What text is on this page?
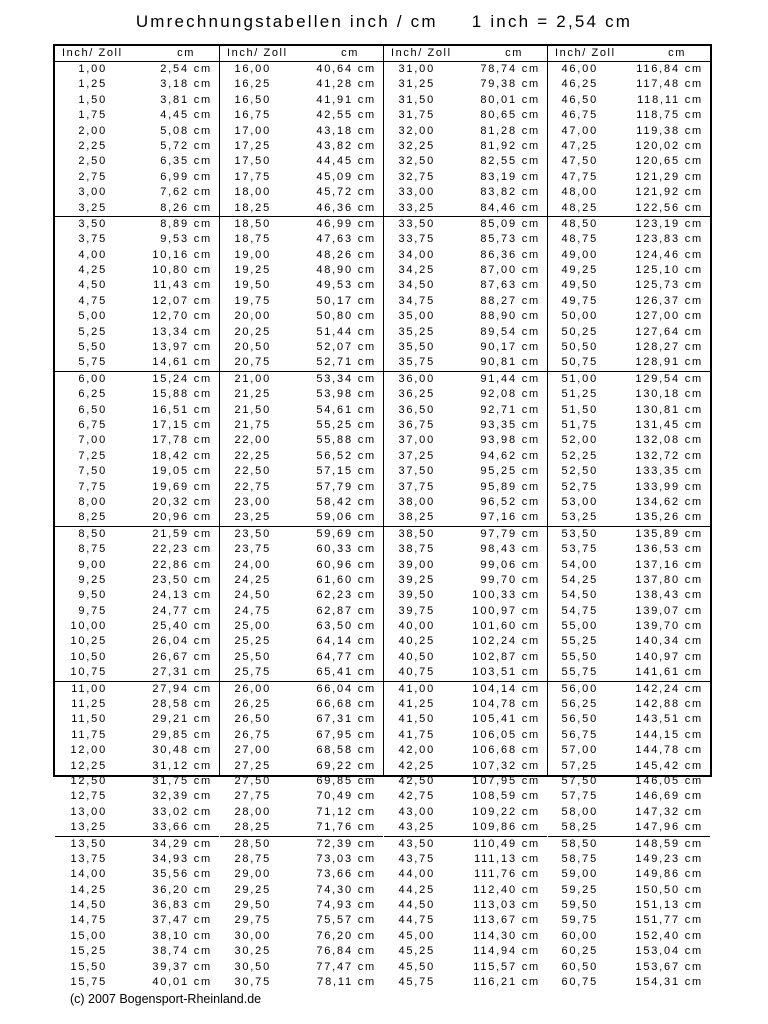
Umrechnungstabellen inch / cm 1 inch = 2,54 cm
Inch/ Zoll	cm
1,00	2,54 cm
1,25	3,18 cm
1,50	3,81 cm
1,75	4,45 cm
2,00	5,08 cm
2,25	5,72 cm
2,50	6,35 cm
2,75	6,99 cm
3,00	7,62 cm
3,25	8,26 cm
3,50	8,89 cm
3,75	9,53 cm
4,00	10,16 cm
4,25	10,80 cm
4,50	11,43 cm
4,75	12,07 cm
5,00	12,70 cm
5,25	13,34 cm
5,50	13,97 cm
5,75	14,61 cm
6,00	15,24 cm
6,25	15,88 cm
6,50	16,51 cm
6,75	17,15 cm
7,00	17,78 cm
7,25	18,42 cm
7,50	19,05 cm
7,75	19,69 cm
8,00	20,32 cm
8,25	20,96 cm
8,50	21,59 cm
8,75	22,23 cm
9,00	22,86 cm
9,25	23,50 cm
9,50	24,13 cm
9,75	24,77 cm
10,00	25,40 cm
10,25	26,04 cm
10,50	26,67 cm
10,75	27,31 cm
11,00	27,94 cm
11,25	28,58 cm
11,50	29,21 cm
11,75	29,85 cm
12,00	30,48 cm
12,25	31,12 cm
12,50	31,75 cm
12,75	32,39 cm
13,00	33,02 cm
13,25	33,66 cm
13,50	34,29 cm
13,75	34,93 cm
14,00	35,56 cm
14,25	36,20 cm
14,50	36,83 cm
14,75	37,47 cm
15,00	38,10 cm
15,25	38,74 cm
15,50	39,37 cm
15,75	40,01 cm
Inch/ Zoll	cm
16,00	40,64 cm
16,25	41,28 cm
16,50	41,91 cm
16,75	42,55 cm
17,00	43,18 cm
17,25	43,82 cm
17,50	44,45 cm
17,75	45,09 cm
18,00	45,72 cm
18,25	46,36 cm
18,50	46,99 cm
18,75	47,63 cm
19,00	48,26 cm
19,25	48,90 cm
19,50	49,53 cm
19,75	50,17 cm
20,00	50,80 cm
20,25	51,44 cm
20,50	52,07 cm
20,75	52,71 cm
21,00	53,34 cm
21,25	53,98 cm
21,50	54,61 cm
21,75	55,25 cm
22,00	55,88 cm
22,25	56,52 cm
22,50	57,15 cm
22,75	57,79 cm
23,00	58,42 cm
23,25	59,06 cm
23,50	59,69 cm
23,75	60,33 cm
24,00	60,96 cm
24,25	61,60 cm
24,50	62,23 cm
24,75	62,87 cm
25,00	63,50 cm
25,25	64,14 cm
25,50	64,77 cm
25,75	65,41 cm
26,00	66,04 cm
26,25	66,68 cm
26,50	67,31 cm
26,75	67,95 cm
27,00	68,58 cm
27,25	69,22 cm
27,50	69,85 cm
27,75	70,49 cm
28,00	71,12 cm
28,25	71,76 cm
28,50	72,39 cm
28,75	73,03 cm
29,00	73,66 cm
29,25	74,30 cm
29,50	74,93 cm
29,75	75,57 cm
30,00	76,20 cm
30,25	76,84 cm
30,50	77,47 cm
30,75	78,11 cm
Inch/ Zoll	cm
31,00	78,74 cm
31,25	79,38 cm
31,50	80,01 cm
31,75	80,65 cm
32,00	81,28 cm
32,25	81,92 cm
32,50	82,55 cm
32,75	83,19 cm
33,00	83,82 cm
33,25	84,46 cm
33,50	85,09 cm
33,75	85,73 cm
34,00	86,36 cm
34,25	87,00 cm
34,50	87,63 cm
34,75	88,27 cm
35,00	88,90 cm
35,25	89,54 cm
35,50	90,17 cm
35,75	90,81 cm
36,00	91,44 cm
36,25	92,08 cm
36,50	92,71 cm
36,75	93,35 cm
37,00	93,98 cm
37,25	94,62 cm
37,50	95,25 cm
37,75	95,89 cm
38,00	96,52 cm
38,25	97,16 cm
38,50	97,79 cm
38,75	98,43 cm
39,00	99,06 cm
39,25	99,70 cm
39,50	100,33 cm
39,75	100,97 cm
40,00	101,60 cm
40,25	102,24 cm
40,50	102,87 cm
40,75	103,51 cm
41,00	104,14 cm
41,25	104,78 cm
41,50	105,41 cm
41,75	106,05 cm
42,00	106,68 cm
42,25	107,32 cm
42,50	107,95 cm
42,75	108,59 cm
43,00	109,22 cm
43,25	109,86 cm
43,50	110,49 cm
43,75	111,13 cm
44,00	111,76 cm
44,25	112,40 cm
44,50	113,03 cm
44,75	113,67 cm
45,00	114,30 cm
45,25	114,94 cm
45,50	115,57 cm
45,75	116,21 cm
Inch/ Zoll	cm
46,00	116,84 cm
46,25	117,48 cm
46,50	118,11 cm
46,75	118,75 cm
47,00	119,38 cm
47,25	120,02 cm
47,50	120,65 cm
47,75	121,29 cm
48,00	121,92 cm
48,25	122,56 cm
48,50	123,19 cm
48,75	123,83 cm
49,00	124,46 cm
49,25	125,10 cm
49,50	125,73 cm
49,75	126,37 cm
50,00	127,00 cm
50,25	127,64 cm
50,50	128,27 cm
50,75	128,91 cm
51,00	129,54 cm
51,25	130,18 cm
51,50	130,81 cm
51,75	131,45 cm
52,00	132,08 cm
52,25	132,72 cm
52,50	133,35 cm
52,75	133,99 cm
53,00	134,62 cm
53,25	135,26 cm
53,50	135,89 cm
53,75	136,53 cm
54,00	137,16 cm
54,25	137,80 cm
54,50	138,43 cm
54,75	139,07 cm
55,00	139,70 cm
55,25	140,34 cm
55,50	140,97 cm
55,75	141,61 cm
56,00	142,24 cm
56,25	142,88 cm
56,50	143,51 cm
56,75	144,15 cm
57,00	144,78 cm
57,25	145,42 cm
57,50	146,05 cm
57,75	146,69 cm
58,00	147,32 cm
58,25	147,96 cm
58,50	148,59 cm
58,75	149,23 cm
59,00	149,86 cm
59,25	150,50 cm
59,50	151,13 cm
59,75	151,77 cm
60,00	152,40 cm
60,25	153,04 cm
60,50	153,67 cm
60,75	154,31 cm
(c) 2007 Bogensport-Rheinland.de
